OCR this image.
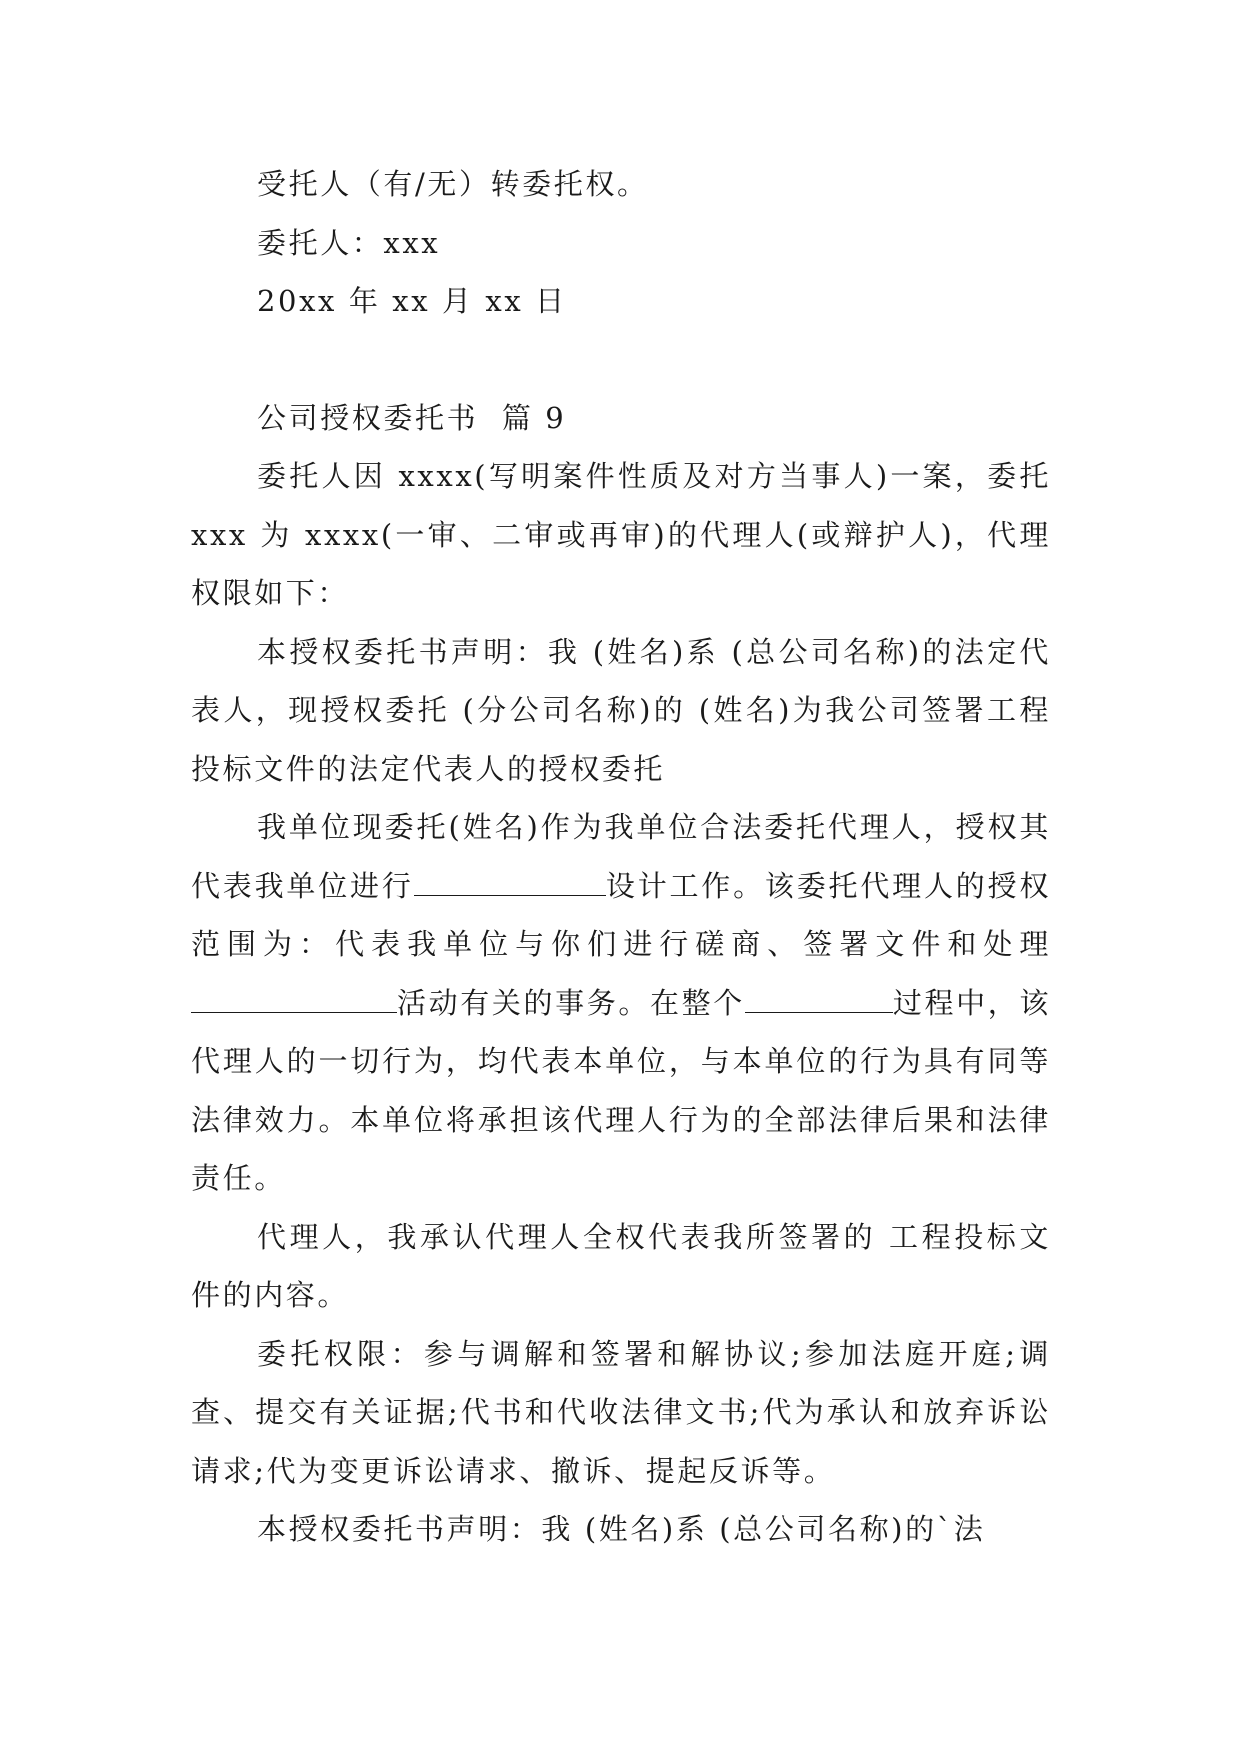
受托人（有/无）转委托权。
委托人：xxx
20xx 年 xx 月 xx 日
公司授权委托书  篇 9

委托人因 xxxx(写明案件性质及对方当事人)一案，委托 xxx 为 xxxx(一审、二审或再审)的代理人(或辩护人)，代理权限如下：

本授权委托书声明：我 (姓名)系 (总公司名称)的法定代表人，现授权委托 (分公司名称)的 (姓名)为我公司签署工程投标文件的法定代表人的授权委托

我单位现委托(姓名)作为我单位合法委托代理人，授权其代表我单位进行	设计工作。该委托代理人的授权范围为：代表我单位与你们进行磋商、签署文件和处理活动有关的事务。在整个	过程中，该代理人的一切行为，均代表本单位，与本单位的行为具有同等法律效力。本单位将承担该代理人行为的全部法律后果和法律责任。

代理人，我承认代理人全权代表我所签署的 工程投标文件的内容。

委托权限：参与调解和签署和解协议;参加法庭开庭;调查、提交有关证据;代书和代收法律文书;代为承认和放弃诉讼请求;代为变更诉讼请求、撤诉、提起反诉等。

本授权委托书声明：我 (姓名)系 (总公司名称)的`法
